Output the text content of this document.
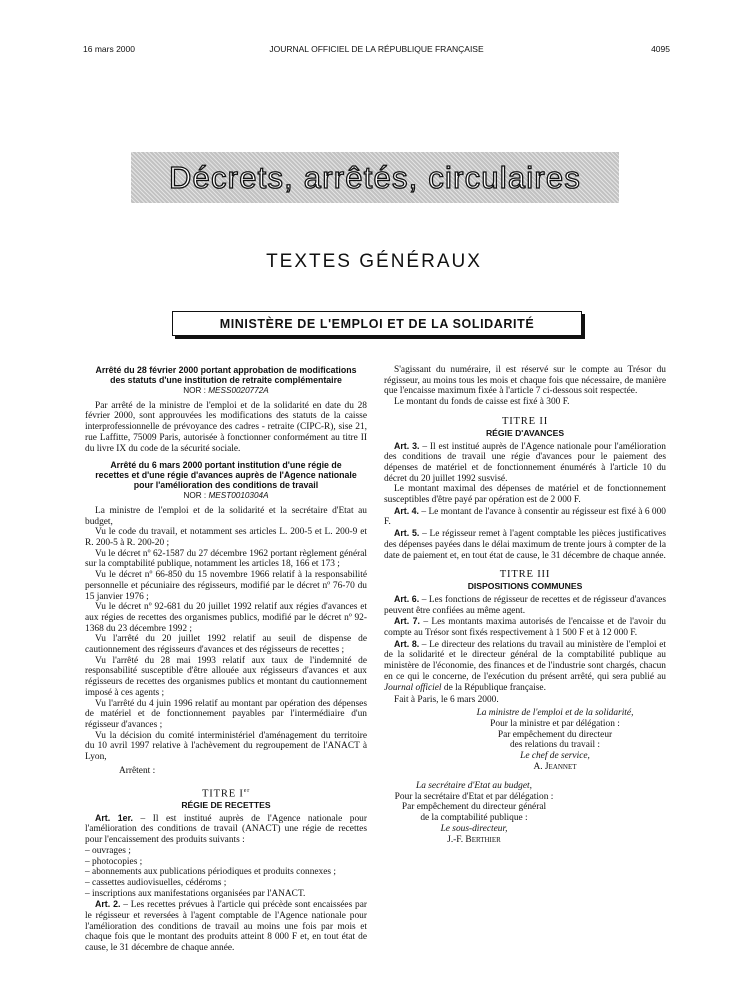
16 mars 2000	JOURNAL OFFICIEL DE LA RÉPUBLIQUE FRANÇAISE	4095
Décrets, arrêtés, circulaires
TEXTES GÉNÉRAUX
MINISTÈRE DE L'EMPLOI ET DE LA SOLIDARITÉ
Arrêté du 28 février 2000 portant approbation de modifications des statuts d'une institution de retraite complémentaire
NOR : MESS0020772A

Par arrêté de la ministre de l'emploi et de la solidarité en date du 28 février 2000, sont approuvées les modifications des statuts de la caisse interprofessionnelle de prévoyance des cadres - retraite (CIPC-R), sise 21, rue Laffitte, 75009 Paris, autorisée à fonctionner conformément au titre II du livre IX du code de la sécurité sociale.

Arrêté du 6 mars 2000 portant institution d'une régie de recettes et d'une régie d'avances auprès de l'Agence nationale pour l'amélioration des conditions de travail
NOR : MEST0010304A

La ministre de l'emploi et de la solidarité et la secrétaire d'Etat au budget,

Vu le code du travail, et notamment ses articles L. 200-5 et L. 200-9 et R. 200-5 à R. 200-20 ;

Vu le décret nº 62-1587 du 27 décembre 1962 portant règlement général sur la comptabilité publique, notamment les articles 18, 166 et 173 ;

Vu le décret nº 66-850 du 15 novembre 1966 relatif à la responsabilité personnelle et pécuniaire des régisseurs, modifié par le décret nº 76-70 du 15 janvier 1976 ;

Vu le décret nº 92-681 du 20 juillet 1992 relatif aux régies d'avances et aux régies de recettes des organismes publics, modifié par le décret nº 92-1368 du 23 décembre 1992 ;

Vu l'arrêté du 20 juillet 1992 relatif au seuil de dispense de cautionnement des régisseurs d'avances et des régisseurs de recettes ;

Vu l'arrêté du 28 mai 1993 relatif aux taux de l'indemnité de responsabilité susceptible d'être allouée aux régisseurs d'avances et aux régisseurs de recettes des organismes publics et montant du cautionnement imposé à ces agents ;

Vu l'arrêté du 4 juin 1996 relatif au montant par opération des dépenses de matériel et de fonctionnement payables par l'intermédiaire d'un régisseur d'avances ;

Vu la décision du comité interministériel d'aménagement du territoire du 10 avril 1997 relative à l'achèvement du regroupement de l'ANACT à Lyon,

Arrêtent :

TITRE Ier
RÉGIE DE RECETTES

Art. 1er. – Il est institué auprès de l'Agence nationale pour l'amélioration des conditions de travail (ANACT) une régie de recettes pour l'encaissement des produits suivants :

– ouvrages ;
– photocopies ;
– abonnements aux publications périodiques et produits connexes ;
– cassettes audiovisuelles, cédéroms ;
– inscriptions aux manifestations organisées par l'ANACT.

Art. 2. – Les recettes prévues à l'article qui précède sont encaissées par le régisseur et reversées à l'agent comptable de l'Agence nationale pour l'amélioration des conditions de travail au moins une fois par mois et chaque fois que le montant des produits atteint 8 000 F et, en tout état de cause, le 31 décembre de chaque année.

S'agissant du numéraire, il est réservé sur le compte au Trésor du régisseur, au moins tous les mois et chaque fois que nécessaire, de manière que l'encaisse maximum fixée à l'article 7 ci-dessous soit respectée.

Le montant du fonds de caisse est fixé à 300 F.

TITRE II
RÉGIE D'AVANCES

Art. 3. – Il est institué auprès de l'Agence nationale pour l'amélioration des conditions de travail une régie d'avances pour le paiement des dépenses de matériel et de fonctionnement énumérés à l'article 10 du décret du 20 juillet 1992 susvisé.

Le montant maximal des dépenses de matériel et de fonctionnement susceptibles d'être payé par opération est de 2 000 F.

Art. 4. – Le montant de l'avance à consentir au régisseur est fixé à 6 000 F.

Art. 5. – Le régisseur remet à l'agent comptable les pièces justificatives des dépenses payées dans le délai maximum de trente jours à compter de la date de paiement et, en tout état de cause, le 31 décembre de chaque année.

TITRE III
DISPOSITIONS COMMUNES

Art. 6. – Les fonctions de régisseur de recettes et de régisseur d'avances peuvent être confiées au même agent.

Art. 7. – Les montants maxima autorisés de l'encaisse et de l'avoir du compte au Trésor sont fixés respectivement à 1 500 F et à 12 000 F.

Art. 8. – Le directeur des relations du travail au ministère de l'emploi et de la solidarité et le directeur général de la comptabilité publique au ministère de l'économie, des finances et de l'industrie sont chargés, chacun en ce qui le concerne, de l'exécution du présent arrêté, qui sera publié au Journal officiel de la République française.

Fait à Paris, le 6 mars 2000.

La ministre de l'emploi et de la solidarité,
Pour la ministre et par délégation :
Par empêchement du directeur
des relations du travail :
Le chef de service,
A. Jeannet
La secrétaire d'Etat au budget,
Pour la secrétaire d'Etat et par délégation :
Par empêchement du directeur général
de la comptabilité publique :
Le sous-directeur,
J.-F. Berthier
